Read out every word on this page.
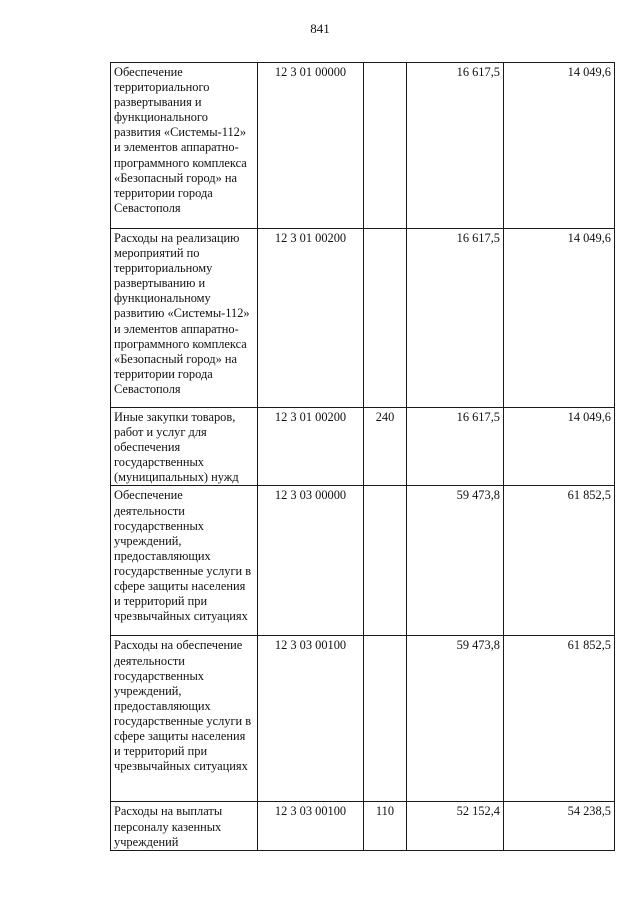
841
Обеспечение территориального развертывания и функционального развития «Системы-112» и элементов аппаратно-программного комплекса «Безопасный город» на территории города Севастополя	12 3 01 00000		16 617,5	14 049,6
Расходы на реализацию мероприятий по территориальному развертыванию и функциональному развитию «Системы-112» и элементов аппаратно-программного комплекса «Безопасный город» на территории города Севастополя	12 3 01 00200		16 617,5	14 049,6
Иные закупки товаров, работ и услуг для обеспечения государственных (муниципальных) нужд	12 3 01 00200	240	16 617,5	14 049,6
Обеспечение деятельности государственных учреждений, предоставляющих государственные услуги в сфере защиты населения и территорий при чрезвычайных ситуациях	12 3 03 00000		59 473,8	61 852,5
Расходы на обеспечение деятельности государственных учреждений, предоставляющих государственные услуги в сфере защиты населения и территорий при чрезвычайных ситуациях	12 3 03 00100		59 473,8	61 852,5
Расходы на выплаты персоналу казенных учреждений	12 3 03 00100	110	52 152,4	54 238,5
